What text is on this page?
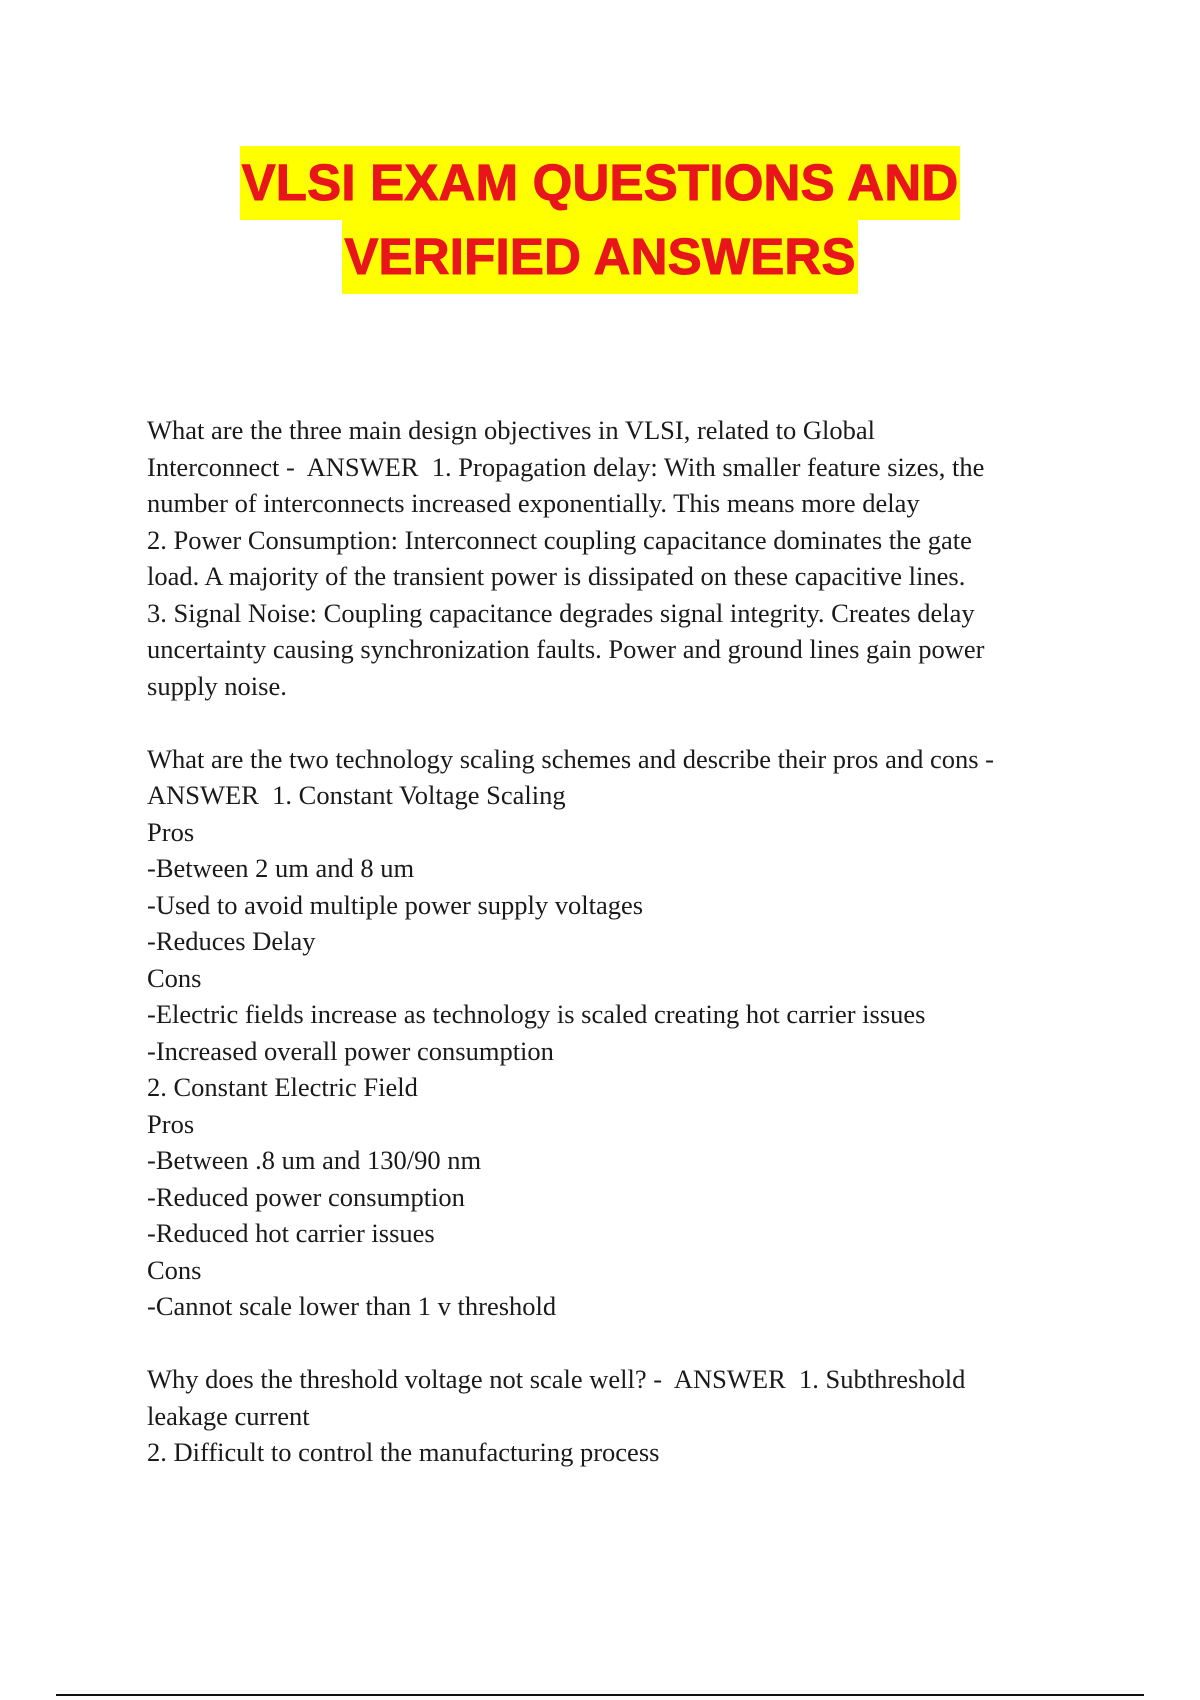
VLSI EXAM QUESTIONS AND
VERIFIED ANSWERS
What are the three main design objectives in VLSI, related to Global
Interconnect -  ANSWER  1. Propagation delay: With smaller feature sizes, the
number of interconnects increased exponentially. This means more delay
2. Power Consumption: Interconnect coupling capacitance dominates the gate
load. A majority of the transient power is dissipated on these capacitive lines.
3. Signal Noise: Coupling capacitance degrades signal integrity. Creates delay
uncertainty causing synchronization faults. Power and ground lines gain power
supply noise.
What are the two technology scaling schemes and describe their pros and cons -
ANSWER  1. Constant Voltage Scaling
Pros
-Between 2 um and 8 um
-Used to avoid multiple power supply voltages
-Reduces Delay
Cons
-Electric fields increase as technology is scaled creating hot carrier issues
-Increased overall power consumption
2. Constant Electric Field
Pros
-Between .8 um and 130/90 nm
-Reduced power consumption
-Reduced hot carrier issues
Cons
-Cannot scale lower than 1 v threshold
Why does the threshold voltage not scale well? -  ANSWER  1. Subthreshold
leakage current
2. Difficult to control the manufacturing process
